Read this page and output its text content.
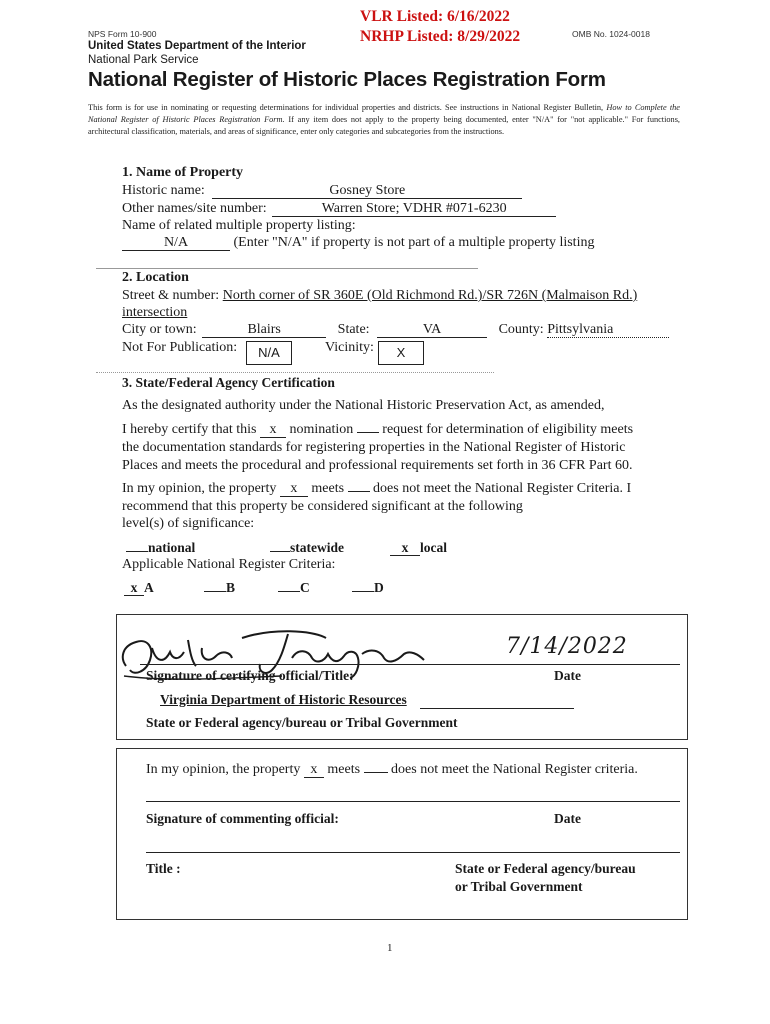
NPS Form 10-900	OMB No. 1024-0018
VLR Listed: 6/16/2022
NRHP Listed: 8/29/2022
United States Department of the Interior
National Park Service
National Register of Historic Places Registration Form
This form is for use in nominating or requesting determinations for individual properties and districts. See instructions in National Register Bulletin, How to Complete the National Register of Historic Places Registration Form. If any item does not apply to the property being documented, enter "N/A" for "not applicable." For functions, architectural classification, materials, and areas of significance, enter only categories and subcategories from the instructions.
1. Name of Property
Historic name:	Gosney Store
Other names/site number:	Warren Store; VDHR #071-6230
Name of related multiple property listing:
N/A	(Enter "N/A" if property is not part of a multiple property listing
2. Location
Street & number: North corner of SR 360E (Old Richmond Rd.)/SR 726N (Malmaison Rd.)
intersection
City or town:	Blairs	State:	VA	County: Pittsylvania
Not For Publication:	N/A	Vicinity:	X
3. State/Federal Agency Certification
As the designated authority under the National Historic Preservation Act, as amended,
I hereby certify that this x nomination request for determination of eligibility meets
the documentation standards for registering properties in the National Register of Historic
Places and meets the procedural and professional requirements set forth in 36 CFR Part 60.
In my opinion, the property x meets does not meet the National Register Criteria. I
recommend that this property be considered significant at the following
level(s) of significance:
national	statewide	x local
Applicable National Register Criteria:
x A	B	C	D
7/14/2022
Signature of certifying official/Title:	Date
Virginia Department of Historic Resources
State or Federal agency/bureau or Tribal Government
In my opinion, the property x meets does not meet the National Register criteria.
Signature of commenting official:	Date
Title :	State or Federal agency/bureau
or Tribal Government
1
